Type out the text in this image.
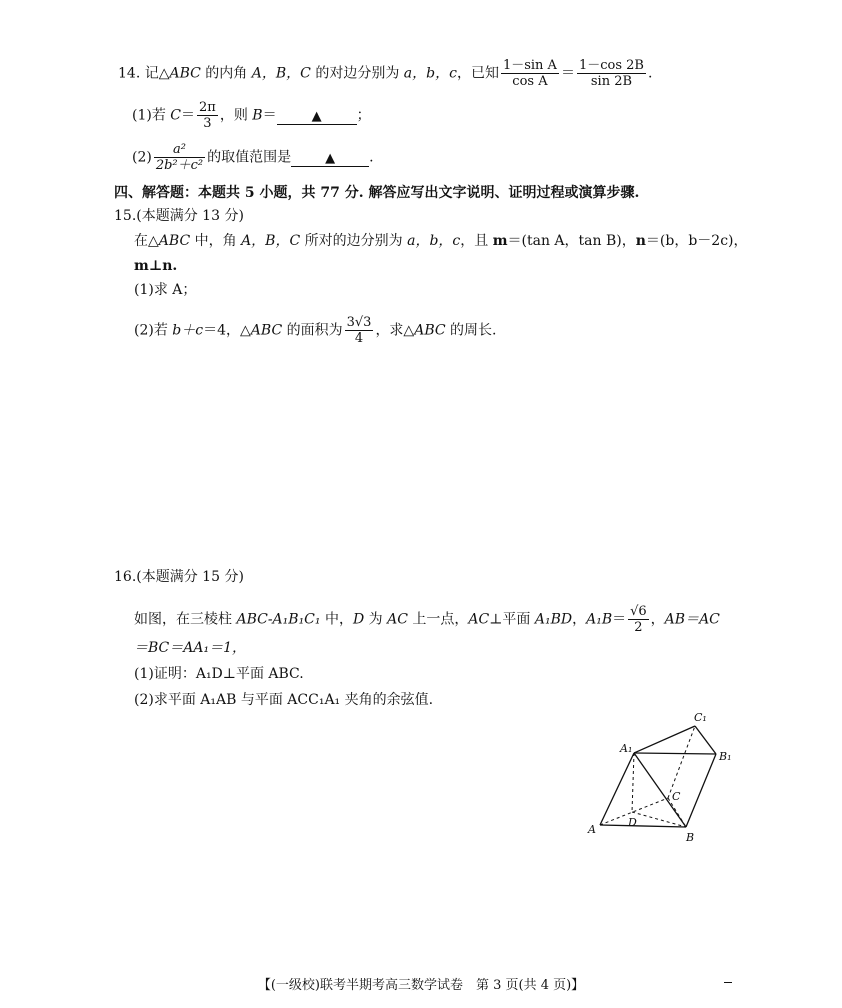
14. 记△ABC 的内角 A，B，C 的对边分别为 a，b，c，已知 $\frac{\text{1－sin A}}{\text{cos A}} = \frac{1-\cos 2B}{\sin 2B}$ .
(1)若 $C= \frac{2\pi}{3}$ ，则 B＝	▲	；
$(2) \frac{\text{a²}}{\text{2b²＋c²}}$ 的取值范围是	▲ .
四、解答题：本题共 5 小题，共 77 分. 解答应写出文字说明、证明过程或演算步骤.
15.(本题满分 13 分)
在△ABC 中，角 A，B，C 所对的边分别为 a，b，c，且 m＝(tan A，tan B)，n＝(b，b－2c)，
m⊥n.
(1)求 A；
(2)若 b＋c＝4，△ABC 的面积为 $\frac{3√3}{4}$ ，求△ABC 的周长.
16.(本题满分 15 分)
如图，在三棱柱 ABC-A₁B₁C₁ 中，D 为 AC 上一点，AC⊥平面 A₁BD，$A_1B= \frac{√6}{2}$ ，AB＝AC
＝BC＝AA₁＝1，
(1)证明：A₁D⊥平面 ABC.
(2)求平面 A₁AB 与平面 ACC₁A₁ 夹角的余弦值.
A
B
C
D
A₁
B₁
C₁
【(一级校)联考半期考高三数学试卷　第 3 页(共 4 页)】
